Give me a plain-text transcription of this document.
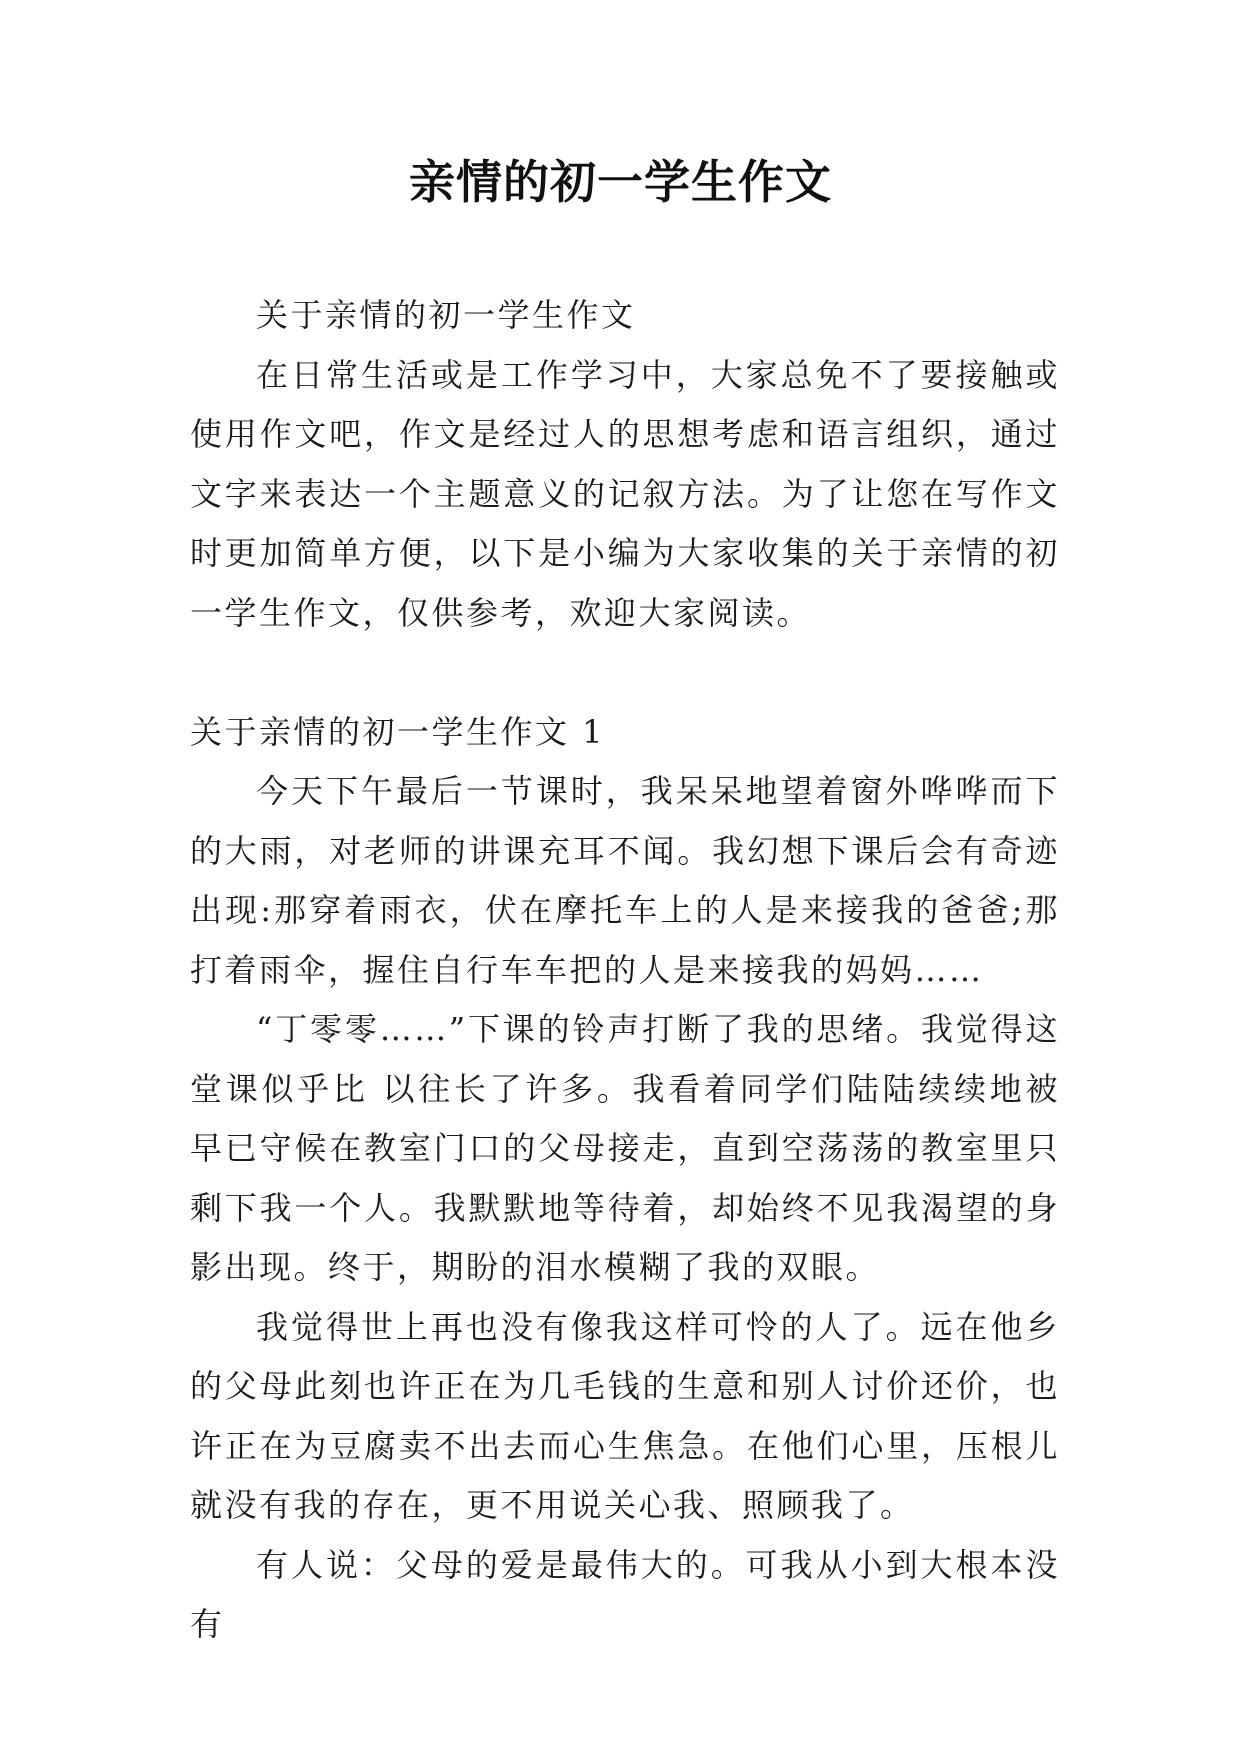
亲情的初一学生作文

关于亲情的初一学生作文

在日常生活或是工作学习中，大家总免不了要接触或使用作文吧，作文是经过人的思想考虑和语言组织，通过文字来表达一个主题意义的记叙方法。为了让您在写作文时更加简单方便，以下是小编为大家收集的关于亲情的初一学生作文，仅供参考，欢迎大家阅读。

关于亲情的初一学生作文 1

今天下午最后一节课时，我呆呆地望着窗外哗哗而下的大雨，对老师的讲课充耳不闻。我幻想下课后会有奇迹出现:那穿着雨衣，伏在摩托车上的人是来接我的爸爸;那打着雨伞，握住自行车车把的人是来接我的妈妈……

“丁零零……”下课的铃声打断了我的思绪。我觉得这堂课似乎比 以往长了许多。我看着同学们陆陆续续地被早已守候在教室门口的父母接走，直到空荡荡的教室里只剩下我一个人。我默默地等待着，却始终不见我渴望的身影出现。终于，期盼的泪水模糊了我的双眼。

我觉得世上再也没有像我这样可怜的人了。远在他乡的父母此刻也许正在为几毛钱的生意和别人讨价还价，也许正在为豆腐卖不出去而心生焦急。在他们心里，压根儿就没有我的存在，更不用说关心我、照顾我了。

有人说：父母的爱是最伟大的。可我从小到大根本没有
